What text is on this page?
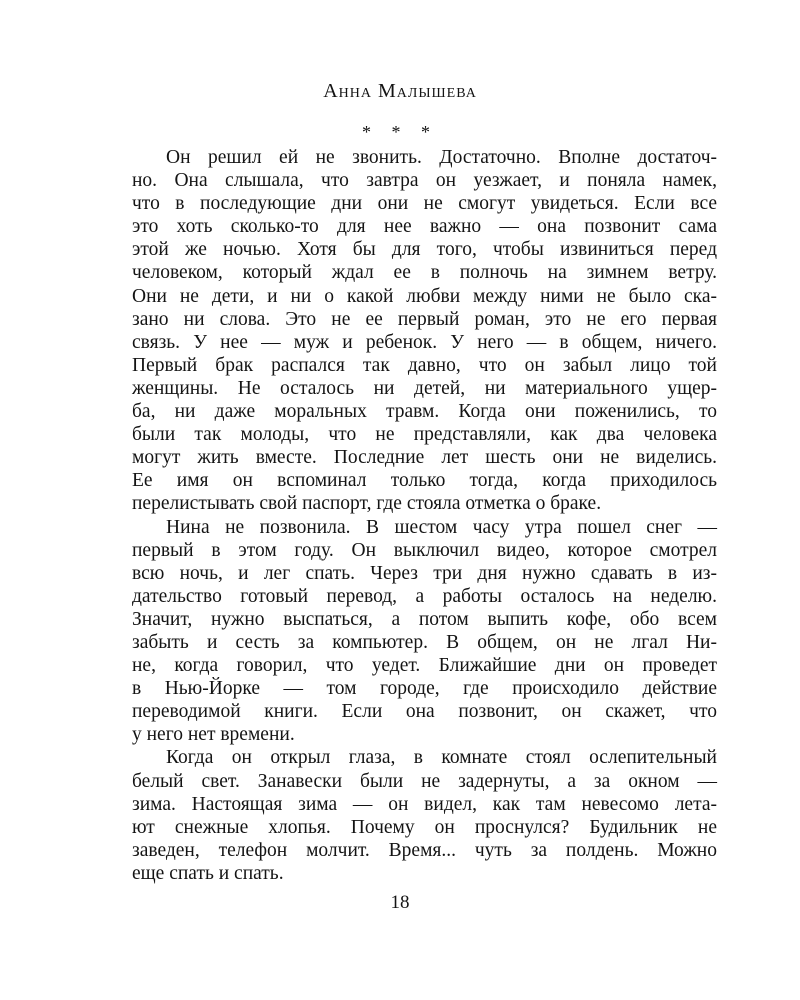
Анна Малышева
* * *
Он решил ей не звонить. Достаточно. Вполне достаточ-
но. Она слышала, что завтра он уезжает, и поняла намек,
что в последующие дни они не смогут увидеться. Если все
это хоть сколько-то для нее важно — она позвонит сама
этой же ночью. Хотя бы для того, чтобы извиниться перед
человеком, который ждал ее в полночь на зимнем ветру.
Они не дети, и ни о какой любви между ними не было ска-
зано ни слова. Это не ее первый роман, это не его первая
связь. У нее — муж и ребенок. У него — в общем, ничего.
Первый брак распался так давно, что он забыл лицо той
женщины. Не осталось ни детей, ни материального ущер-
ба, ни даже моральных травм. Когда они поженились, то
были так молоды, что не представляли, как два человека
могут жить вместе. Последние лет шесть они не виделись.
Ее имя он вспоминал только тогда, когда приходилось
перелистывать свой паспорт, где стояла отметка о браке.
Нина не позвонила. В шестом часу утра пошел снег —
первый в этом году. Он выключил видео, которое смотрел
всю ночь, и лег спать. Через три дня нужно сдавать в из-
дательство готовый перевод, а работы осталось на неделю.
Значит, нужно выспаться, а потом выпить кофе, обо всем
забыть и сесть за компьютер. В общем, он не лгал Ни-
не, когда говорил, что уедет. Ближайшие дни он проведет
в Нью-Йорке — том городе, где происходило действие
переводимой книги. Если она позвонит, он скажет, что
у него нет времени.
Когда он открыл глаза, в комнате стоял ослепительный
белый свет. Занавески были не задернуты, а за окном —
зима. Настоящая зима — он видел, как там невесомо лета-
ют снежные хлопья. Почему он проснулся? Будильник не
заведен, телефон молчит. Время... чуть за полдень. Можно
еще спать и спать.
18
